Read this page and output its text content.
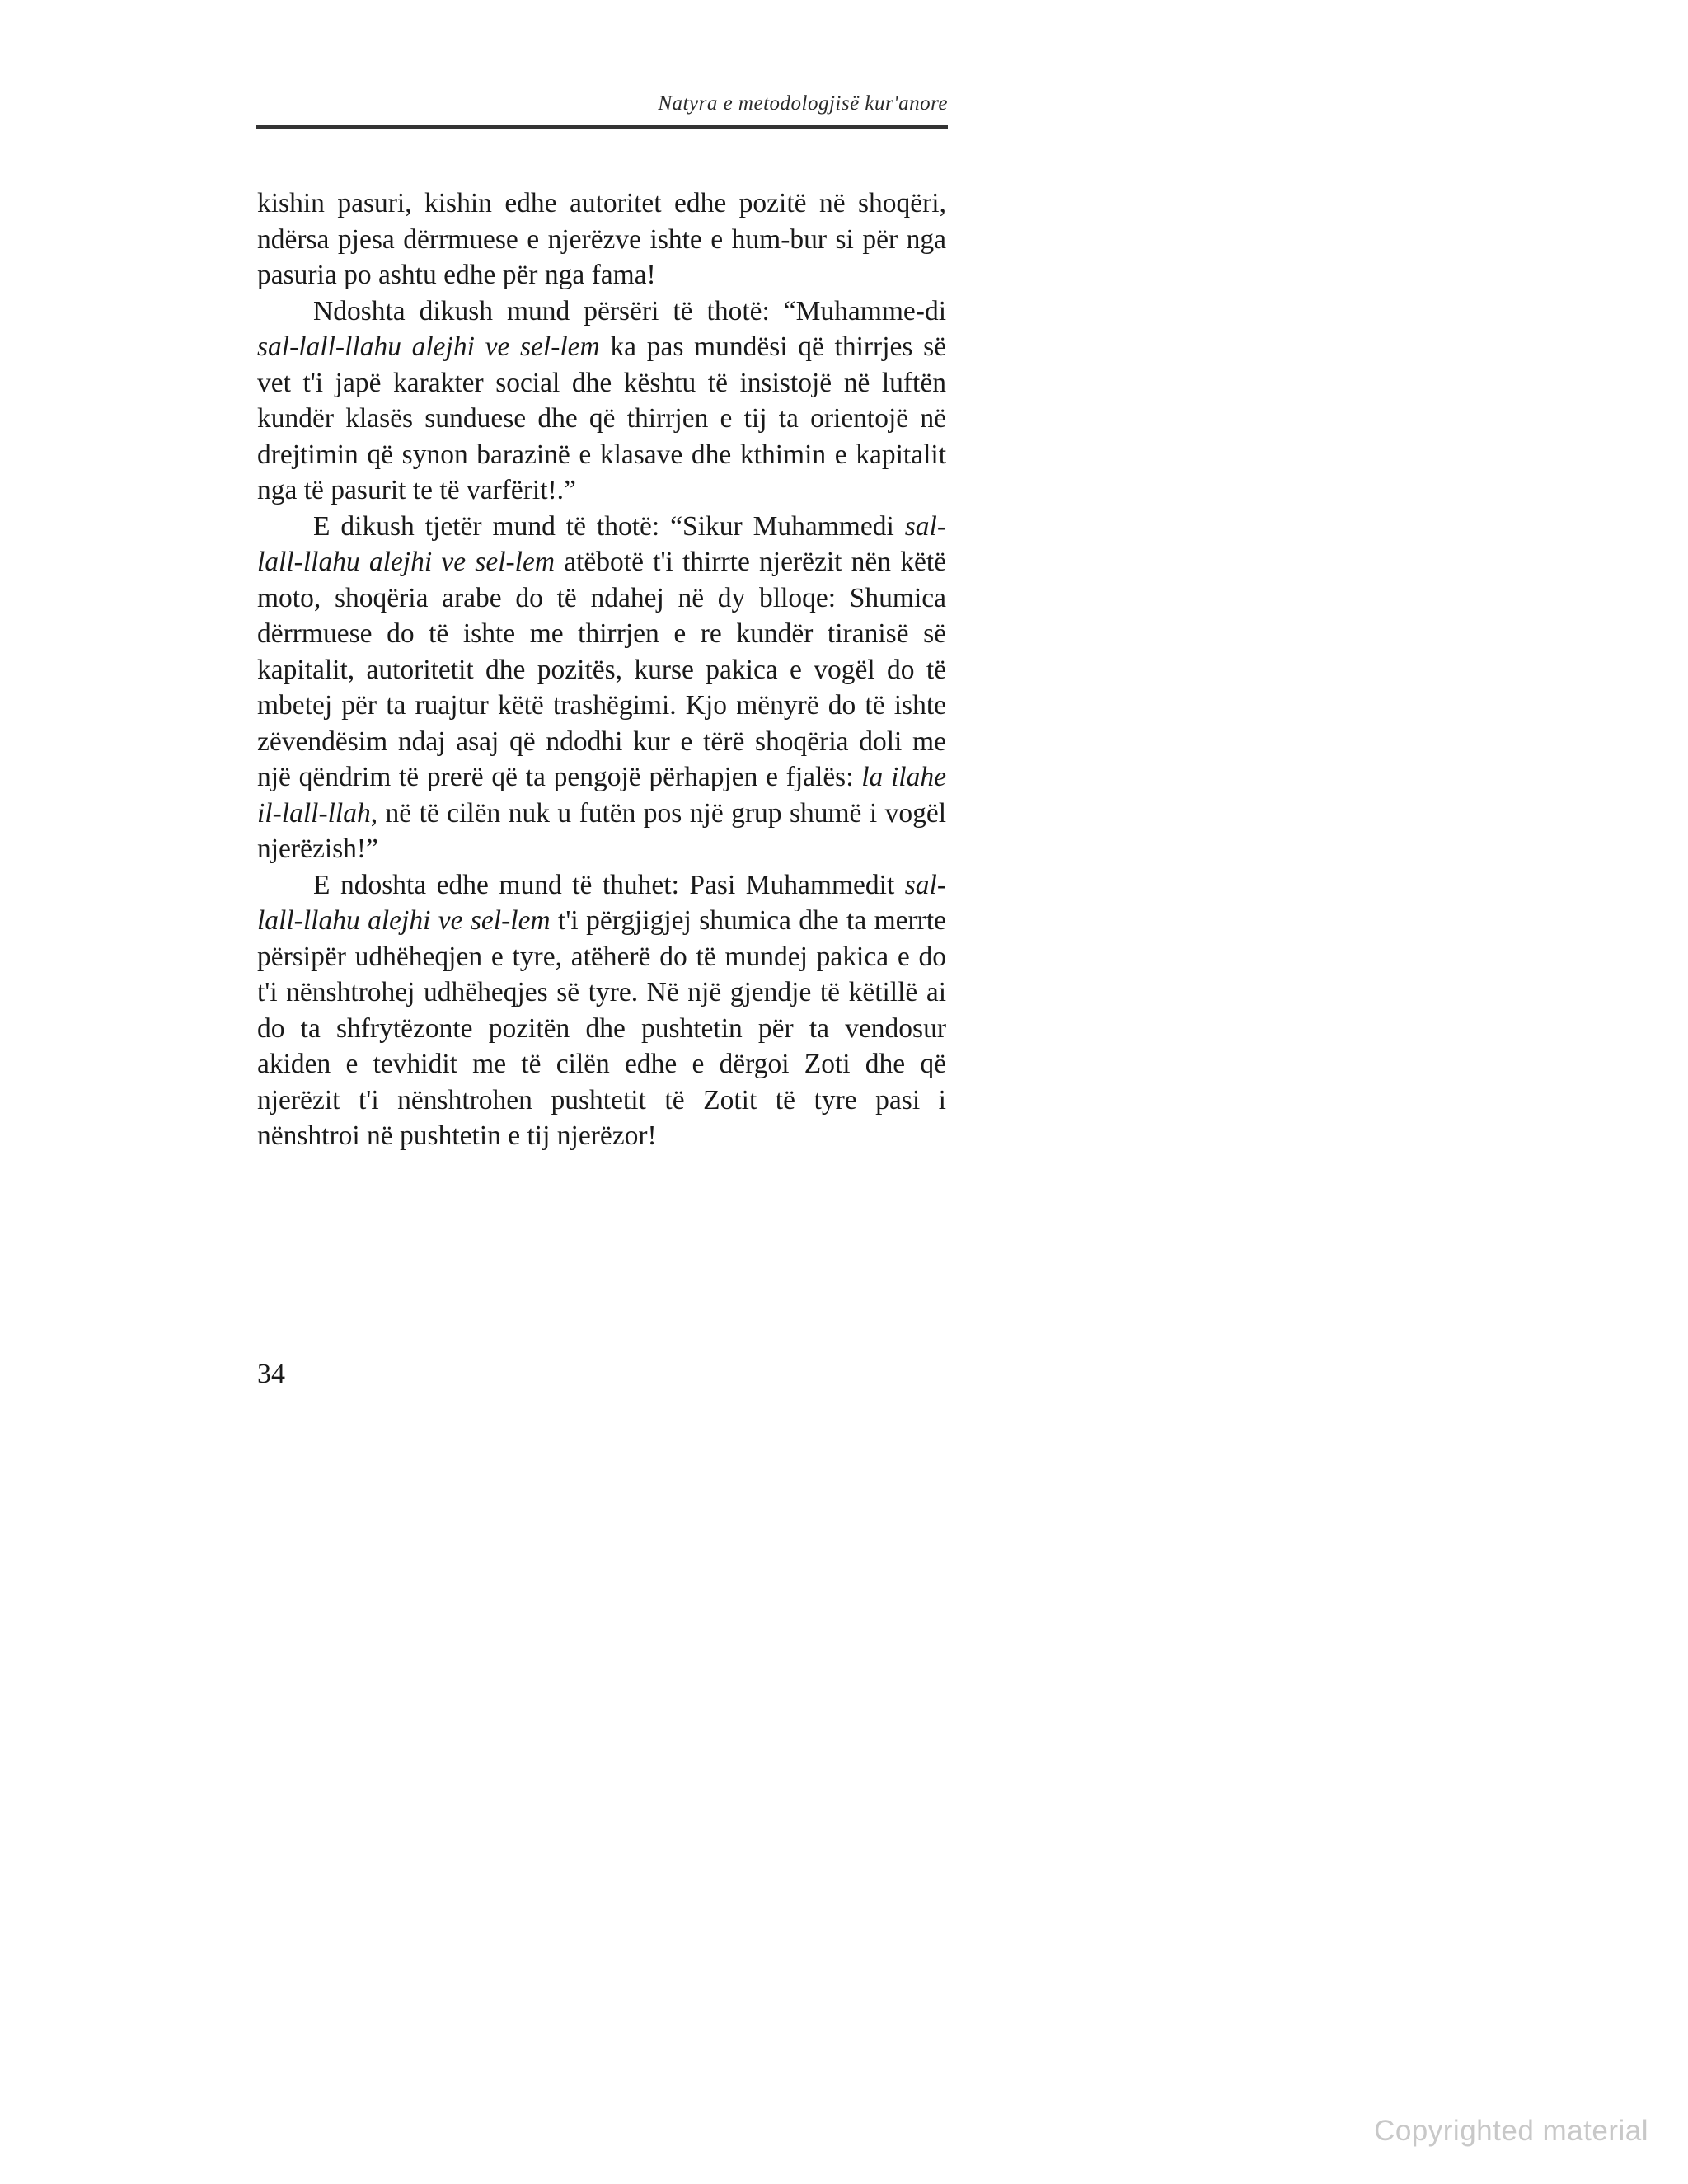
Natyra e metodologjisë kur'anore

kishin pasuri, kishin edhe autoritet edhe pozitë në shoqëri, ndërsa pjesa dërrmuese e njerëzve ishte e hum-bur si për nga pasuria po ashtu edhe për nga fama!

Ndoshta dikush mund përsëri të thotë: “Muhamme-di sal-lall-llahu alejhi ve sel-lem ka pas mundësi që thirrjes së vet t'i japë karakter social dhe kështu të insistojë në luftën kundër klasës sunduese dhe që thirrjen e tij ta orientojë në drejtimin që synon barazinë e klasave dhe kthimin e kapitalit nga të pasurit te të varfërit!.”

E dikush tjetër mund të thotë: “Sikur Muhammedi sal-lall-llahu alejhi ve sel-lem atëbotë t'i thirrte njerëzit nën këtë moto, shoqëria arabe do të ndahej në dy blloqe: Shumica dërrmuese do të ishte me thirrjen e re kundër tiranisë së kapitalit, autoritetit dhe pozitës, kurse pakica e vogël do të mbetej për ta ruajtur këtë trashëgimi. Kjo mënyrë do të ishte zëvendësim ndaj asaj që ndodhi kur e tërë shoqëria doli me një qëndrim të prerë që ta pengojë përhapjen e fjalës: la ilahe il-lall-llah, në të cilën nuk u futën pos një grup shumë i vogël njerëzish!”

E ndoshta edhe mund të thuhet: Pasi Muhammedit sal-lall-llahu alejhi ve sel-lem t'i përgjigjej shumica dhe ta merrte përsipër udhëheqjen e tyre, atëherë do të mundej pakica e do t'i nënshtrohej udhëheqjes së tyre. Në një gjendje të këtillë ai do ta shfrytëzonte pozitën dhe pushtetin për ta vendosur akiden e tevhidit me të cilën edhe e dërgoi Zoti dhe që njerëzit t'i nënshtrohen pushtetit të Zotit të tyre pasi i nënshtroi në pushtetin e tij njerëzor!

34
Copyrighted material
